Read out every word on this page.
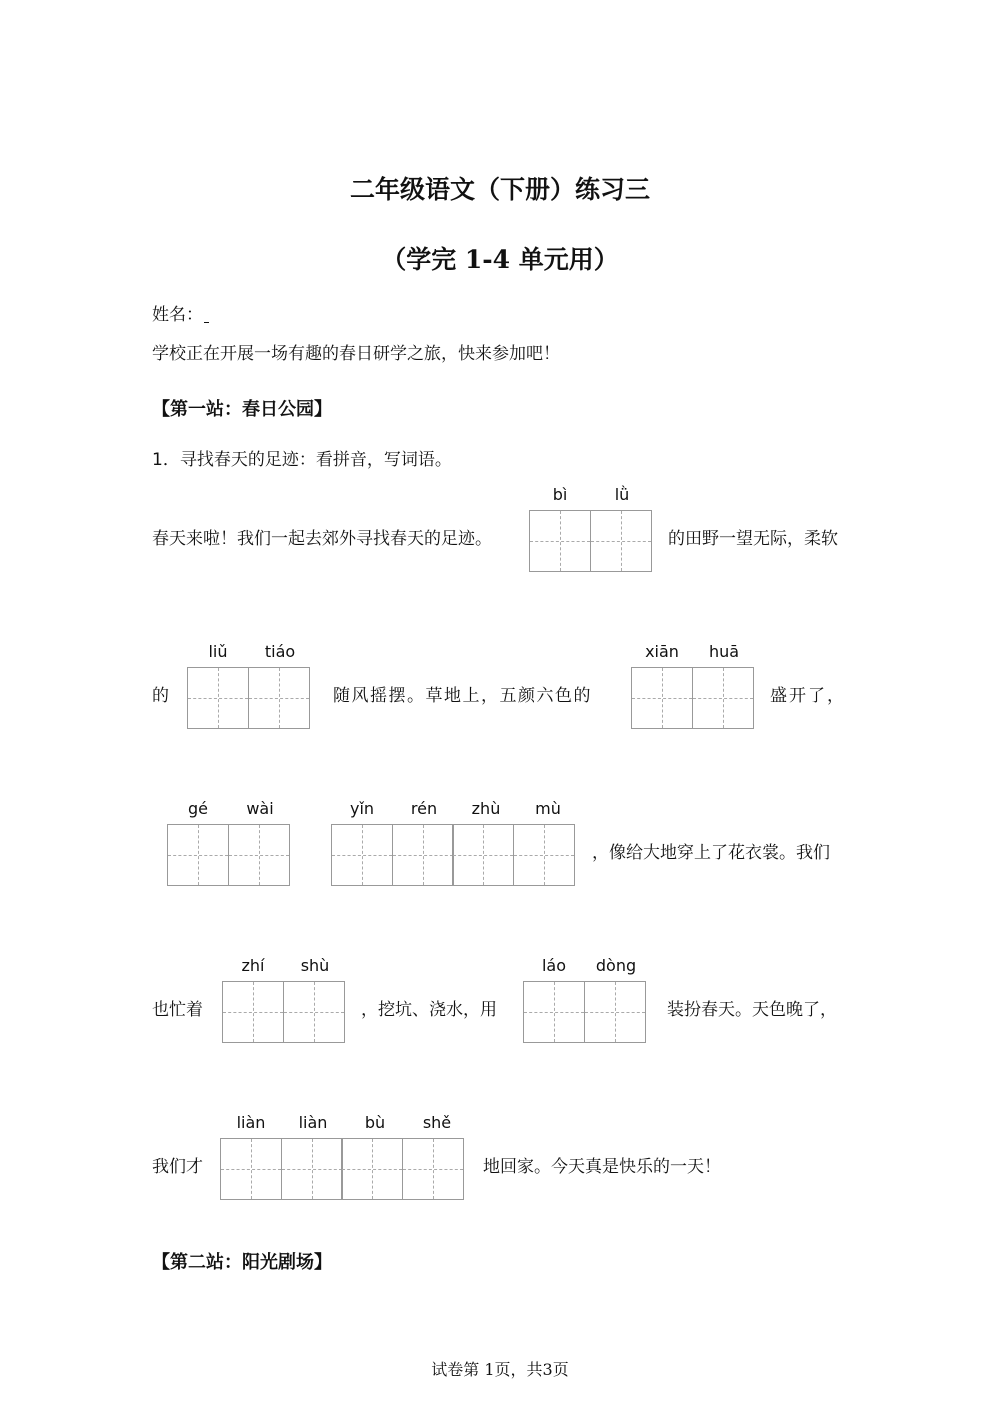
二年级语文（下册）练习三
（学完 1-4 单元用）
姓名：
学校正在开展一场有趣的春日研学之旅，快来参加吧！
【第一站：春日公园】
1．寻找春天的足迹：看拼音，写词语。
春天来啦！我们一起去郊外寻找春天的足迹。
bì	lǜ
的田野一望无际，柔软
的
liǔ	tiáo
随风摇摆。草地上，五颜六色的
xiān	huā
盛开了，
gé	wài	yǐn	rén	zhù	mù
，像给大地穿上了花衣裳。我们
也忙着
zhí	shù
，挖坑、浇水，用
láo	dòng
装扮春天。天色晚了，
我们才
liàn	liàn	bù	shě
地回家。今天真是快乐的一天！
【第二站：阳光剧场】
试卷第 1页，共3页
